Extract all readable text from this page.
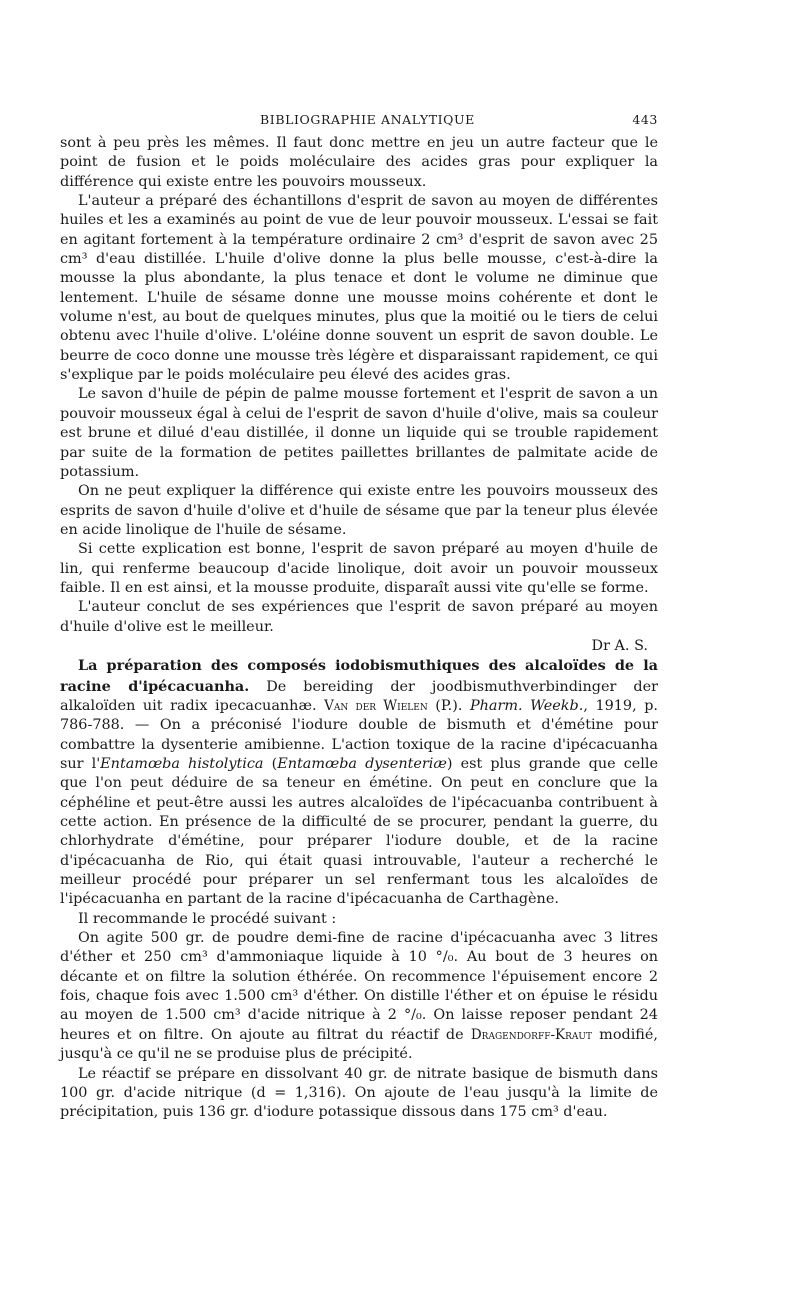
BIBLIOGRAPHIE ANALYTIQUE	443

sont à peu près les mêmes. Il faut donc mettre en jeu un autre facteur que le point de fusion et le poids moléculaire des acides gras pour expliquer la différence qui existe entre les pouvoirs mousseux.

L'auteur a préparé des échantillons d'esprit de savon au moyen de différentes huiles et les a examinés au point de vue de leur pouvoir mousseux. L'essai se fait en agitant fortement à la température ordinaire 2 cm³ d'esprit de savon avec 25 cm³ d'eau distillée. L'huile d'olive donne la plus belle mousse, c'est-à-dire la mousse la plus abondante, la plus tenace et dont le volume ne diminue que lentement. L'huile de sésame donne une mousse moins cohérente et dont le volume n'est, au bout de quelques minutes, plus que la moitié ou le tiers de celui obtenu avec l'huile d'olive. L'oléine donne souvent un esprit de savon double. Le beurre de coco donne une mousse très légère et disparaissant rapidement, ce qui s'explique par le poids moléculaire peu élevé des acides gras.

Le savon d'huile de pépin de palme mousse fortement et l'esprit de savon a un pouvoir mousseux égal à celui de l'esprit de savon d'huile d'olive, mais sa couleur est brune et dilué d'eau distillée, il donne un liquide qui se trouble rapidement par suite de la formation de petites paillettes brillantes de palmitate acide de potassium.

On ne peut expliquer la différence qui existe entre les pouvoirs mousseux des esprits de savon d'huile d'olive et d'huile de sésame que par la teneur plus élevée en acide linolique de l'huile de sésame.

Si cette explication est bonne, l'esprit de savon préparé au moyen d'huile de lin, qui renferme beaucoup d'acide linolique, doit avoir un pouvoir mousseux faible. Il en est ainsi, et la mousse produite, disparaît aussi vite qu'elle se forme.

L'auteur conclut de ses expériences que l'esprit de savon préparé au moyen d'huile d'olive est le meilleur.
Dr A. S.

La préparation des composés iodobismuthiques des alcaloïdes de la racine d'ipécacuanha. De bereiding der joodbismuthverbindinger der alkaloïden uit radix ipecacuanhæ. Van der Wielen (P.). Pharm. Weekb., 1919, p. 786-788. — On a préconisé l'iodure double de bismuth et d'émétine pour combattre la dysenterie amibienne. L'action toxique de la racine d'ipécacuanha sur l'Entamœba histolytica (Entamœba dysenteriæ) est plus grande que celle que l'on peut déduire de sa teneur en émétine. On peut en conclure que la céphéline et peut-être aussi les autres alcaloïdes de l'ipécacuanba contribuent à cette action. En présence de la difficulté de se procurer, pendant la guerre, du chlorhydrate d'émétine, pour préparer l'iodure double, et de la racine d'ipécacuanha de Rio, qui était quasi introuvable, l'auteur a recherché le meilleur procédé pour préparer un sel renfermant tous les alcaloïdes de l'ipécacuanha en partant de la racine d'ipécacuanha de Carthagène.

Il recommande le procédé suivant :

On agite 500 gr. de poudre demi-fine de racine d'ipécacuanha avec 3 litres d'éther et 250 cm³ d'ammoniaque liquide à 10 °/₀. Au bout de 3 heures on décante et on filtre la solution éthérée. On recommence l'épuisement encore 2 fois, chaque fois avec 1.500 cm³ d'éther. On distille l'éther et on épuise le résidu au moyen de 1.500 cm³ d'acide nitrique à 2 °/₀. On laisse reposer pendant 24 heures et on filtre. On ajoute au filtrat du réactif de Dragendorff-Kraut modifié, jusqu'à ce qu'il ne se produise plus de précipité.

Le réactif se prépare en dissolvant 40 gr. de nitrate basique de bismuth dans 100 gr. d'acide nitrique (d = 1,316). On ajoute de l'eau jusqu'à la limite de précipitation, puis 136 gr. d'iodure potassique dissous dans 175 cm³ d'eau.
